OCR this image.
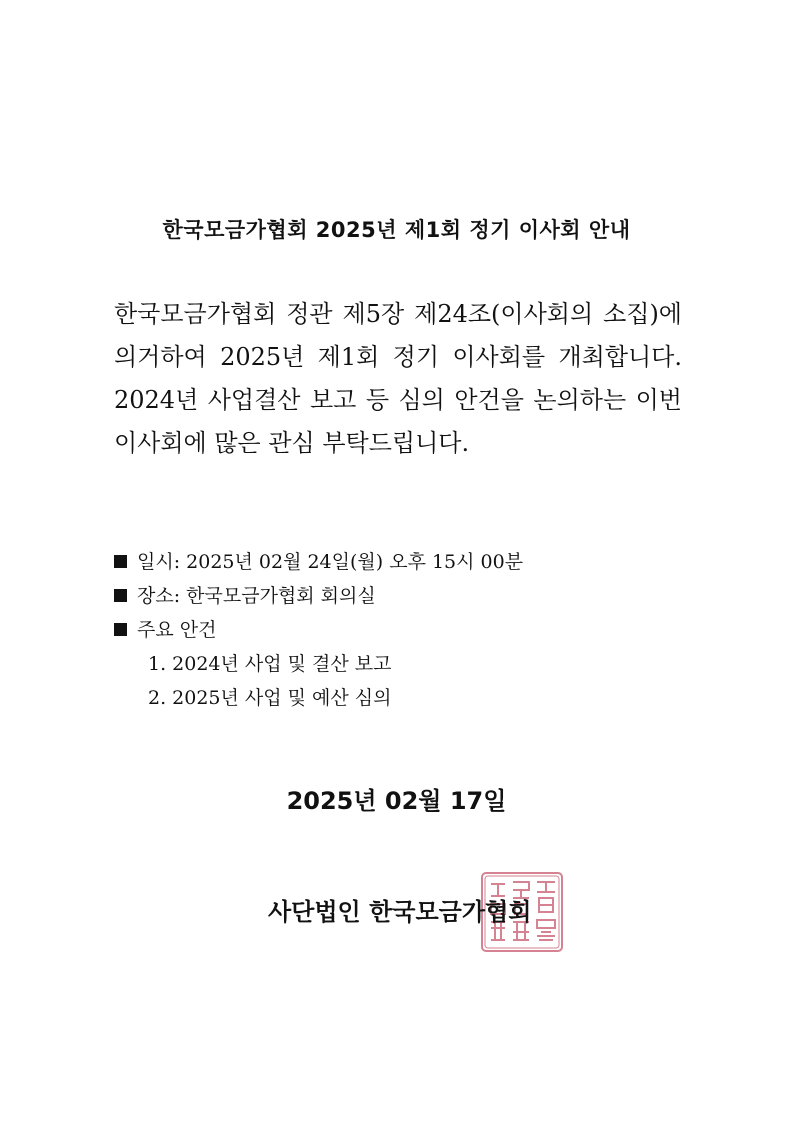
한국모금가협회 2025년 제1회 정기 이사회 안내
한국모금가협회 정관 제5장 제24조(이사회의 소집)에
의거하여 2025년 제1회 정기 이사회를 개최합니다.
2024년 사업결산 보고 등 심의 안건을 논의하는 이번
이사회에 많은 관심 부탁드립니다.
일시: 2025년 02월 24일(월) 오후 15시 00분
장소: 한국모금가협회 회의실
주요 안건
1. 2024년 사업 및 결산 보고
2. 2025년 사업 및 예산 심의
2025년 02월 17일
사단법인 한국모금가협회
